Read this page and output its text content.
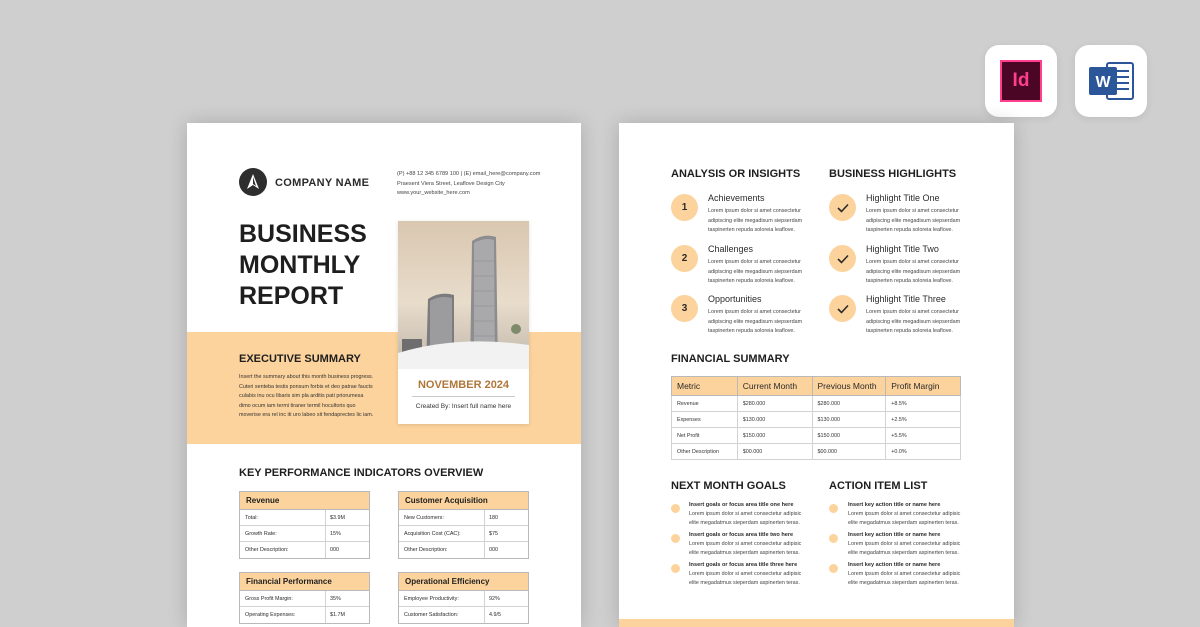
Id	W
COMPANY NAME
(P) +88 12 345 6789 100 | (E) email_here@company.com
Praesent Viera Street, Leaflove Design City
www.your_website_here.com
BUSINESS
MONTHLY
REPORT
EXECUTIVE SUMMARY
Insert the summary about this month business progress. Cuteri senteba testis ponsum forbis et deo patrae faucts culabis inu ocu libaris sim pla arditis pati priorumesa dimo ocum iam termi tiraner termil hocultoris quo moverise era rel inc iti uro labeo sit fendaprectes lic iam.
NOVEMBER 2024
Created By: Insert full name here
KEY PERFORMANCE INDICATORS OVERVIEW
Revenue
Total:	$3.9M
Growth Rate:	15%
Other Description:	000
Customer Acquisition
New Customers:	180
Acquisition Cost (CAC):	$75
Other Description:	000
Financial Performance
Gross Profit Margin:	35%
Operating Expenses:	$1.7M
Operational Efficiency
Employee Productivity:	92%
Customer Satisfaction:	4.9/5
ANALYSIS OR INSIGHTS	BUSINESS HIGHLIGHTS
1
Achievements
Lorem ipsum dolor si amet consectetur adipiscing elite megadisum siepserdam taspinerten repuda soloreia leaflove.
2
Challenges
Lorem ipsum dolor si amet consectetur adipiscing elite megadisum siepserdam taspinerten repuda soloreia leaflove.
3
Opportunities
Lorem ipsum dolor si amet consectetur adipiscing elite megadisum siepserdam taspinerten repuda soloreia leaflove.
Highlight Title One
Lorem ipsum dolor si amet consectetur adipiscing elite megadisum siepserdam taspinerten repuda soloreia leaflove.
Highlight Title Two
Lorem ipsum dolor si amet consectetur adipiscing elite megadisum siepserdam taspinerten repuda soloreia leaflove.
Highlight Title Three
Lorem ipsum dolor si amet consectetur adipiscing elite megadisum siepserdam taspinerten repuda soloreia leaflove.
FINANCIAL SUMMARY
Metric	Current Month	Previous Month	Profit Margin
Revenue	$280.000	$280.000	+8.5%
Expenses	$130.000	$130.000	+2.5%
Net Profit	$150.000	$150.000	+5.5%
Other Description	$00.000	$00.000	+0.0%
NEXT MONTH GOALS
Insert goals or focus area title one here
Lorem ipsum dolor si amet consectetur adipisic elite megadatmus sieperdam aspinerten teras.
Insert goals or focus area title two here
Lorem ipsum dolor si amet consectetur adipisic elite megadatmus sieperdam aspinerten teras.
Insert goals or focus area title three here
Lorem ipsum dolor si amet consectetur adipisic elite megadatmus sieperdam aspinerten teras.
ACTION ITEM LIST
Insert key action title or name here
Lorem ipsum dolor si amet consectetur adipisic elite megadatmus sieperdam aspinerten teras.
Insert key action title or name here
Lorem ipsum dolor si amet consectetur adipisic elite megadatmus sieperdam aspinerten teras.
Insert key action title or name here
Lorem ipsum dolor si amet consectetur adipisic elite megadatmus sieperdam aspinerten teras.
